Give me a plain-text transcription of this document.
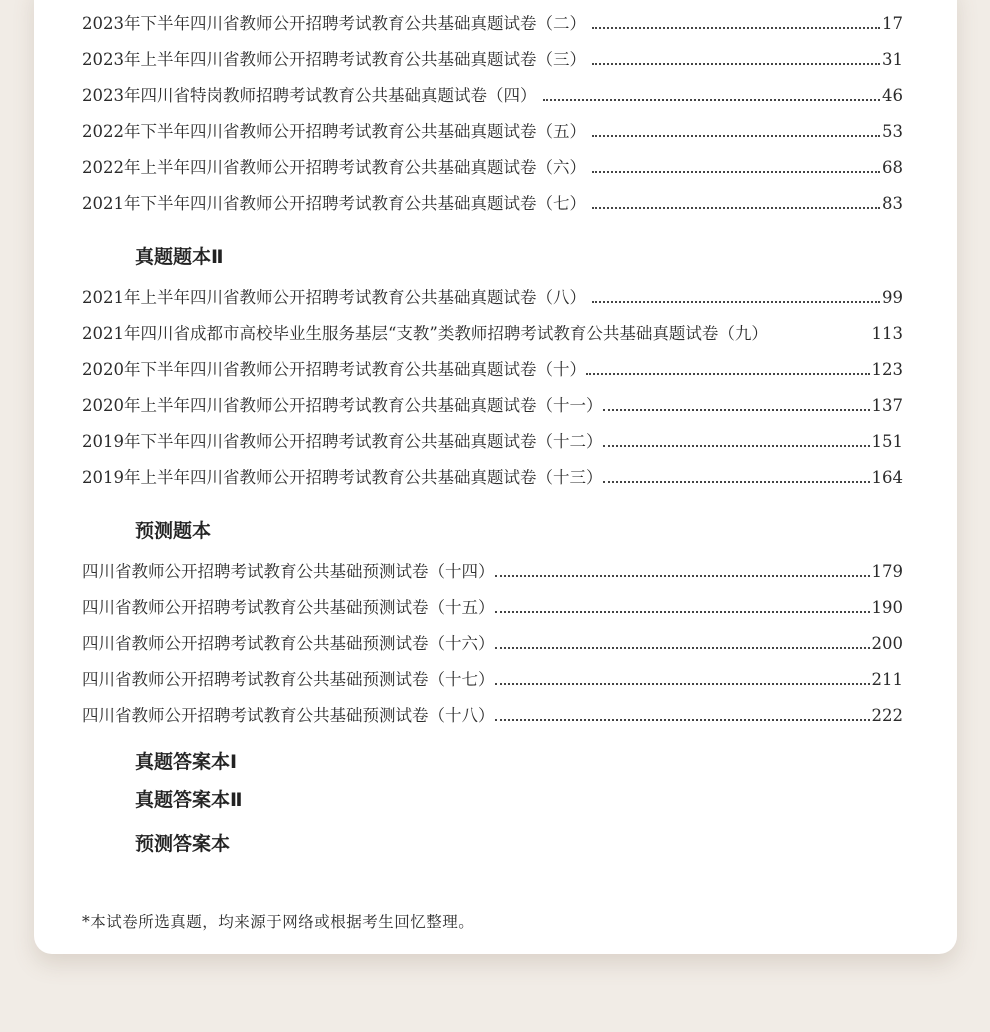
2023年下半年四川省教师公开招聘考试教育公共基础真题试卷（二）	17
2023年上半年四川省教师公开招聘考试教育公共基础真题试卷（三）	31
2023年四川省特岗教师招聘考试教育公共基础真题试卷（四）	46
2022年下半年四川省教师公开招聘考试教育公共基础真题试卷（五）	53
2022年上半年四川省教师公开招聘考试教育公共基础真题试卷（六）	68
2021年下半年四川省教师公开招聘考试教育公共基础真题试卷（七）	83
真题题本Ⅱ
2021年上半年四川省教师公开招聘考试教育公共基础真题试卷（八）	99
2021年四川省成都市高校毕业生服务基层“支教”类教师招聘考试教育公共基础真题试卷（九）	113
2020年下半年四川省教师公开招聘考试教育公共基础真题试卷（十）	123
2020年上半年四川省教师公开招聘考试教育公共基础真题试卷（十一）	137
2019年下半年四川省教师公开招聘考试教育公共基础真题试卷（十二）	151
2019年上半年四川省教师公开招聘考试教育公共基础真题试卷（十三）	164
预测题本
四川省教师公开招聘考试教育公共基础预测试卷（十四）	179
四川省教师公开招聘考试教育公共基础预测试卷（十五）	190
四川省教师公开招聘考试教育公共基础预测试卷（十六）	200
四川省教师公开招聘考试教育公共基础预测试卷（十七）	211
四川省教师公开招聘考试教育公共基础预测试卷（十八）	222
真题答案本Ⅰ
真题答案本Ⅱ
预测答案本
*本试卷所选真题，均来源于网络或根据考生回忆整理。
